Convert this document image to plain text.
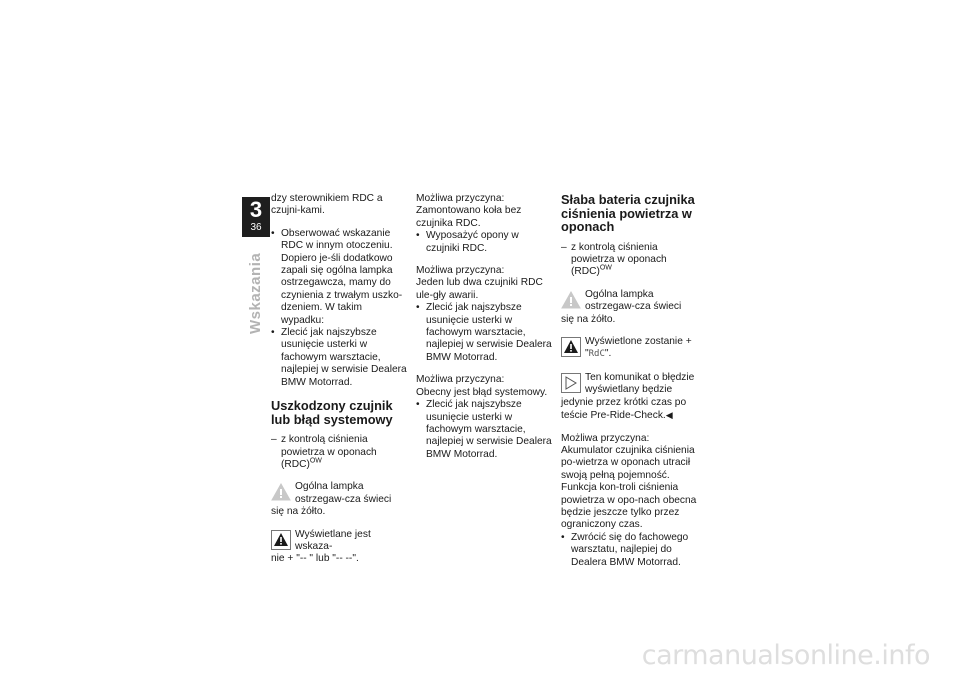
3
36
Wskazania

dzy sterownikiem RDC a czujni-kami.

• Obserwować wskazanie RDC w innym otoczeniu. Dopiero je-śli dodatkowo zapali się ogólna lampka ostrzegawcza, mamy do czynienia z trwałym uszko-dzeniem. W takim wypadku:
• Zlecić jak najszybsze usunięcie usterki w fachowym warsztacie, najlepiej w serwisie Dealera BMW Motorrad.
Uszkodzony czujnik lub błąd systemowy
– z kontrolą ciśnienia powietrza w oponach (RDC)$^{OW}$
Ogólna lampka ostrzegaw-cza świeci się na żółto.
Wyświetlane jest wskaza-
nie + "-- " lub "-- --".

Możliwa przyczyna:

Zamontowano koła bez czujnika RDC.

• Wyposażyć opony w czujniki RDC.

Możliwa przyczyna:

Jeden lub dwa czujniki RDC ule-gły awarii.

• Zlecić jak najszybsze usunięcie usterki w fachowym warsztacie, najlepiej w serwisie Dealera BMW Motorrad.

Możliwa przyczyna:

Obecny jest błąd systemowy.

• Zlecić jak najszybsze usunięcie usterki w fachowym warsztacie, najlepiej w serwisie Dealera BMW Motorrad.
Słaba bateria czujnika ciśnienia powietrza w oponach
– z kontrolą ciśnienia powietrza w oponach (RDC)$^{OW}$
Ogólna lampka ostrzegaw-cza świeci się na żółto.
Wyświetlone zostanie +
"RdC".
Ten komunikat o błędzie
wyświetlany będzie jedynie przez krótki czas po teście Pre-Ride-Check.◀

Możliwa przyczyna:

Akumulator czujnika ciśnienia po-wietrza w oponach utracił swoją pełną pojemność. Funkcja kon-troli ciśnienia powietrza w opo-nach obecna będzie jeszcze tylko przez ograniczony czas.

• Zwrócić się do fachowego warsztatu, najlepiej do Dealera BMW Motorrad.
carmanualsonline.info
